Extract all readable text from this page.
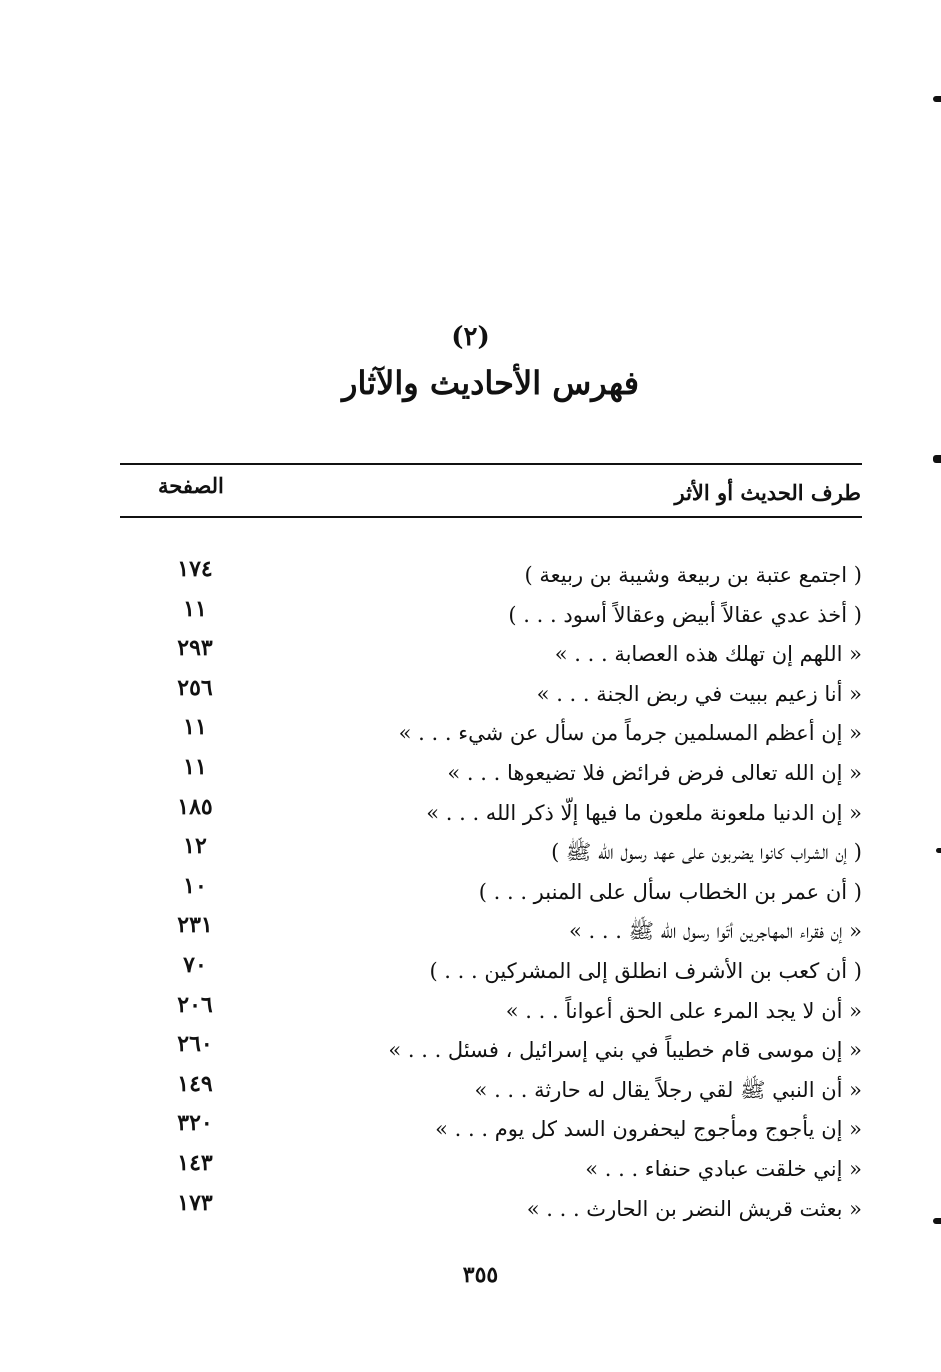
(٢)
فهرس الأحاديث والآثار
طرف الحديث أو الأثر
الصفحة
( اجتمع عتبة بن ربيعة وشيبة بن ربيعة )
١٧٤
( أخذ عدي عقالاً أبيض وعقالاً أسود . . . )
١١
« اللهم إن تهلك هذه العصابة . . . »
٢٩٣
« أنا زعيم ببيت في ربض الجنة . . . »
٢٥٦
« إن أعظم المسلمين جرماً من سأل عن شيء . . . »
١١
« إن الله تعالى فرض فرائض فلا تضيعوها . . . »
١١
« إن الدنيا ملعونة ملعون ما فيها إلّا ذكر الله . . . »
١٨٥
( إن الشراب كانوا يضربون على عهد رسول الله ﷺ )
١٢
( أن عمر بن الخطاب سأل على المنبر . . . )
١٠
« إن فقراء المهاجرين أتَوا رسول الله ﷺ . . . »
٢٣١
( أن كعب بن الأشرف انطلق إلى المشركين . . . )
٧٠
« أن لا يجد المرء على الحق أعواناً . . . »
٢٠٦
« إن موسى قام خطيباً في بني إسرائيل ، فسئل . . . »
٢٦٠
« أن النبي ﷺ لقي رجلاً يقال له حارثة . . . »
١٤٩
« إن يأجوج ومأجوج ليحفرون السد كل يوم . . . »
٣٢٠
« إني خلقت عبادي حنفاء . . . »
١٤٣
« بعثت قريش النضر بن الحارث . . . »
١٧٣
٣٥٥
